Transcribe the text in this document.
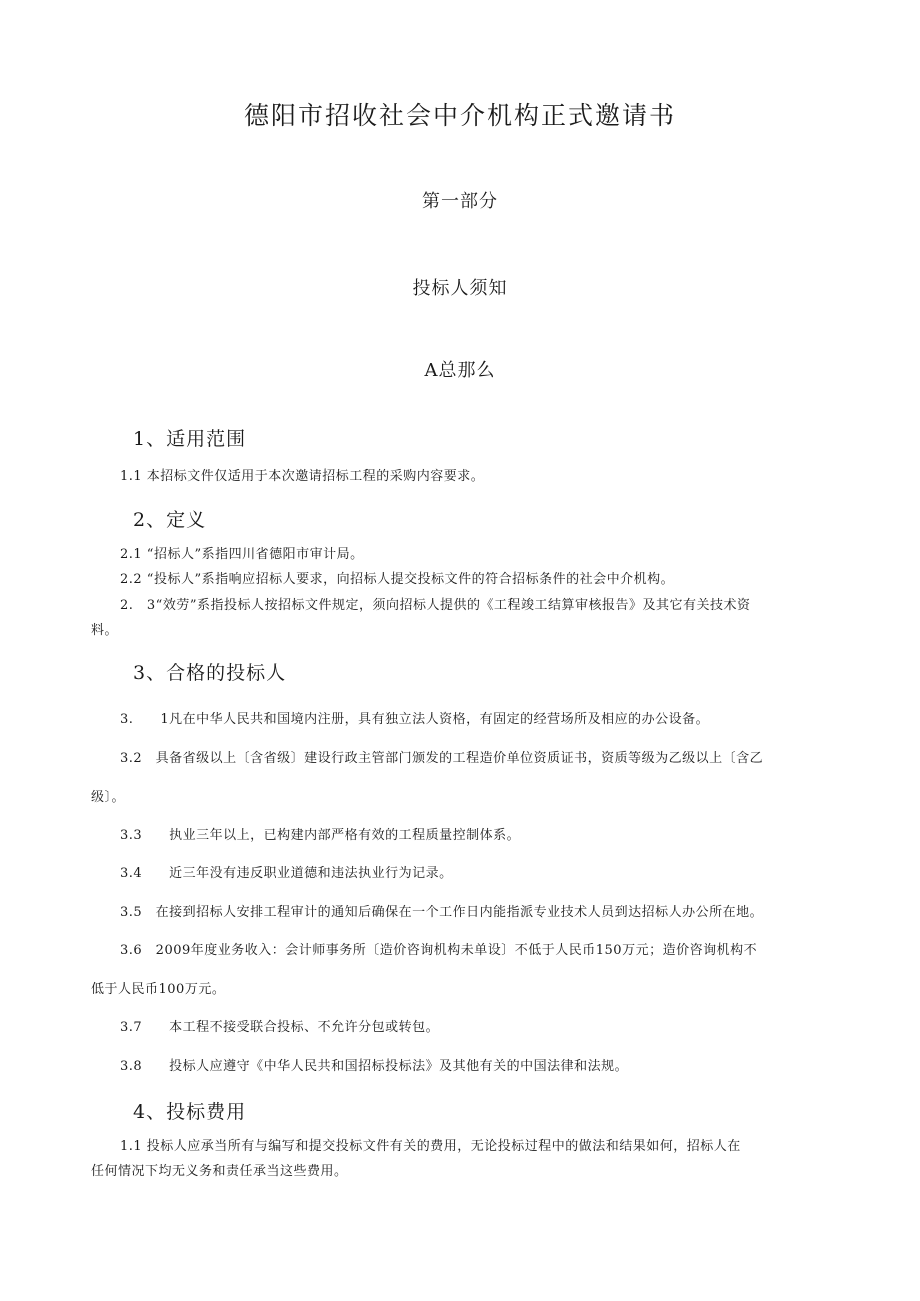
德阳市招收社会中介机构正式邀请书
第一部分
投标人须知
A总那么
1、适用范围
1.1 本招标文件仅适用于本次邀请招标工程的采购内容要求。
2、定义
2.1 “招标人”系指四川省德阳市审计局。
2.2 “投标人”系指响应招标人要求，向招标人提交投标文件的符合招标条件的社会中介机构。
2.　3“效劳”系指投标人按招标文件规定，须向招标人提供的《工程竣工结算审核报告》及其它有关技术资
料。
3、合格的投标人
3.　　1凡在中华人民共和国境内注册，具有独立法人资格，有固定的经营场所及相应的办公设备。
3.2　具备省级以上〔含省级〕建设行政主管部门颁发的工程造价单位资质证书，资质等级为乙级以上〔含乙
级〕。
3.3　　执业三年以上，已构建内部严格有效的工程质量控制体系。
3.4　　近三年没有违反职业道德和违法执业行为记录。
3.5　在接到招标人安排工程审计的通知后确保在一个工作日内能指派专业技术人员到达招标人办公所在地。
3.6　2009年度业务收入：会计师事务所〔造价咨询机构未单设〕不低于人民币150万元；造价咨询机构不
低于人民币100万元。
3.7　　本工程不接受联合投标、不允许分包或转包。
3.8　　投标人应遵守《中华人民共和国招标投标法》及其他有关的中国法律和法规。
4、投标费用
1.1 投标人应承当所有与编写和提交投标文件有关的费用，无论投标过程中的做法和结果如何，招标人在
任何情况下均无义务和责任承当这些费用。
